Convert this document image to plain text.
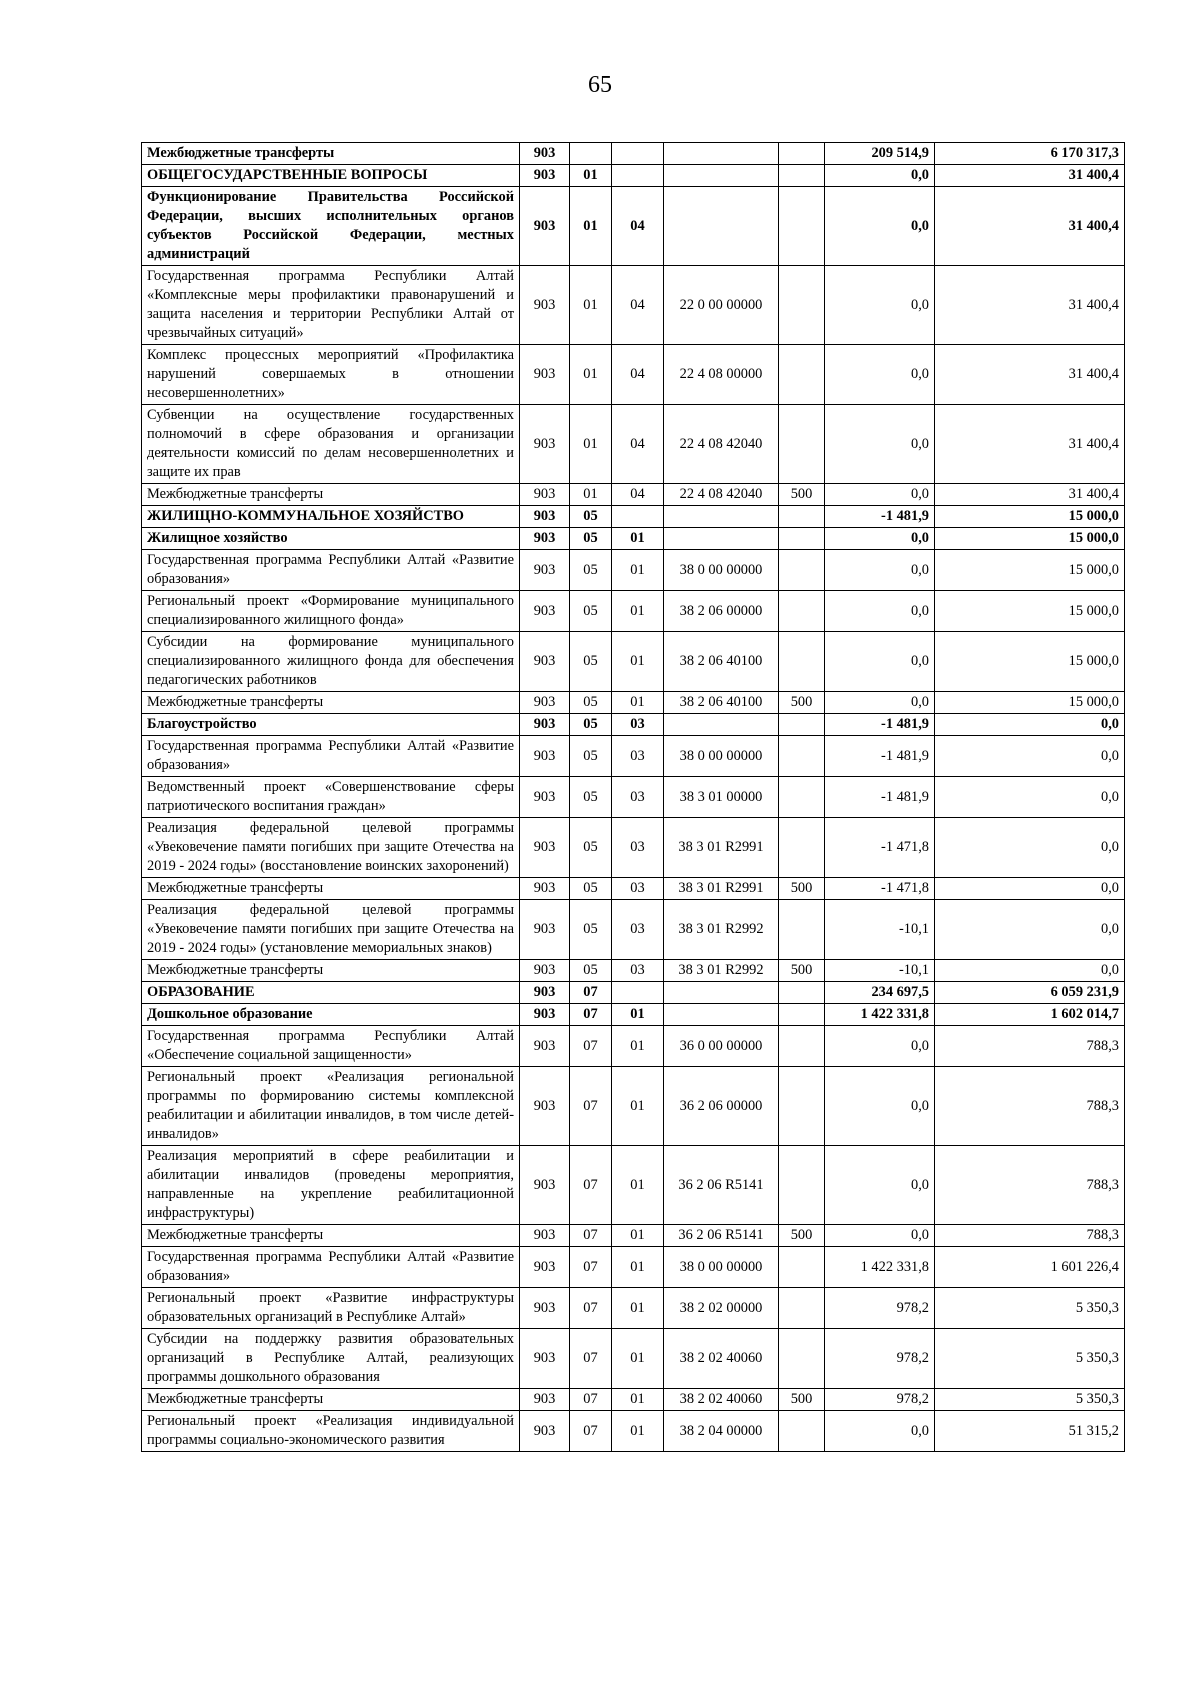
65
Межбюджетные трансферты	903					209 514,9	6 170 317,3
ОБЩЕГОСУДАРСТВЕННЫЕ ВОПРОСЫ	903	01				0,0	31 400,4
Функционирование Правительства Российской Федерации, высших исполнительных органов субъектов Российской Федерации, местных администраций	903	01	04			0,0	31 400,4
Государственная программа Республики Алтай «Комплексные меры профилактики правонарушений и защита населения и территории Республики Алтай от чрезвычайных ситуаций»	903	01	04	22 0 00 00000		0,0	31 400,4
Комплекс процессных мероприятий «Профилактика нарушений совершаемых в отношении несовершеннолетних»	903	01	04	22 4 08 00000		0,0	31 400,4
Субвенции на осуществление государственных полномочий в сфере образования и организации деятельности комиссий по делам несовершеннолетних и защите их прав	903	01	04	22 4 08 42040		0,0	31 400,4
Межбюджетные трансферты	903	01	04	22 4 08 42040	500	0,0	31 400,4
ЖИЛИЩНО-КОММУНАЛЬНОЕ ХОЗЯЙСТВО	903	05				-1 481,9	15 000,0
Жилищное хозяйство	903	05	01			0,0	15 000,0
Государственная программа Республики Алтай «Развитие образования»	903	05	01	38 0 00 00000		0,0	15 000,0
Региональный проект «Формирование муниципального специализированного жилищного фонда»	903	05	01	38 2 06 00000		0,0	15 000,0
Субсидии на формирование муниципального специализированного жилищного фонда для обеспечения педагогических работников	903	05	01	38 2 06 40100		0,0	15 000,0
Межбюджетные трансферты	903	05	01	38 2 06 40100	500	0,0	15 000,0
Благоустройство	903	05	03			-1 481,9	0,0
Государственная программа Республики Алтай «Развитие образования»	903	05	03	38 0 00 00000		-1 481,9	0,0
Ведомственный проект «Совершенствование сферы патриотического воспитания граждан»	903	05	03	38 3 01 00000		-1 481,9	0,0
Реализация федеральной целевой программы «Увековечение памяти погибших при защите Отечества на 2019 - 2024 годы» (восстановление воинских захоронений)	903	05	03	38 3 01 R2991		-1 471,8	0,0
Межбюджетные трансферты	903	05	03	38 3 01 R2991	500	-1 471,8	0,0
Реализация федеральной целевой программы «Увековечение памяти погибших при защите Отечества на 2019 - 2024 годы» (установление мемориальных знаков)	903	05	03	38 3 01 R2992		-10,1	0,0
Межбюджетные трансферты	903	05	03	38 3 01 R2992	500	-10,1	0,0
ОБРАЗОВАНИЕ	903	07				234 697,5	6 059 231,9
Дошкольное образование	903	07	01			1 422 331,8	1 602 014,7
Государственная программа Республики Алтай «Обеспечение социальной защищенности»	903	07	01	36 0 00 00000		0,0	788,3
Региональный проект «Реализация региональной программы по формированию системы комплексной реабилитации и абилитации инвалидов, в том числе детей-инвалидов»	903	07	01	36 2 06 00000		0,0	788,3
Реализация мероприятий в сфере реабилитации и абилитации инвалидов (проведены мероприятия, направленные на укрепление реабилитационной инфраструктуры)	903	07	01	36 2 06 R5141		0,0	788,3
Межбюджетные трансферты	903	07	01	36 2 06 R5141	500	0,0	788,3
Государственная программа Республики Алтай «Развитие образования»	903	07	01	38 0 00 00000		1 422 331,8	1 601 226,4
Региональный проект «Развитие инфраструктуры образовательных организаций в Республике Алтай»	903	07	01	38 2 02 00000		978,2	5 350,3
Субсидии на поддержку развития образовательных организаций в Республике Алтай, реализующих программы дошкольного образования	903	07	01	38 2 02 40060		978,2	5 350,3
Межбюджетные трансферты	903	07	01	38 2 02 40060	500	978,2	5 350,3
Региональный проект «Реализация индивидуальной программы социально-экономического развития	903	07	01	38 2 04 00000		0,0	51 315,2
